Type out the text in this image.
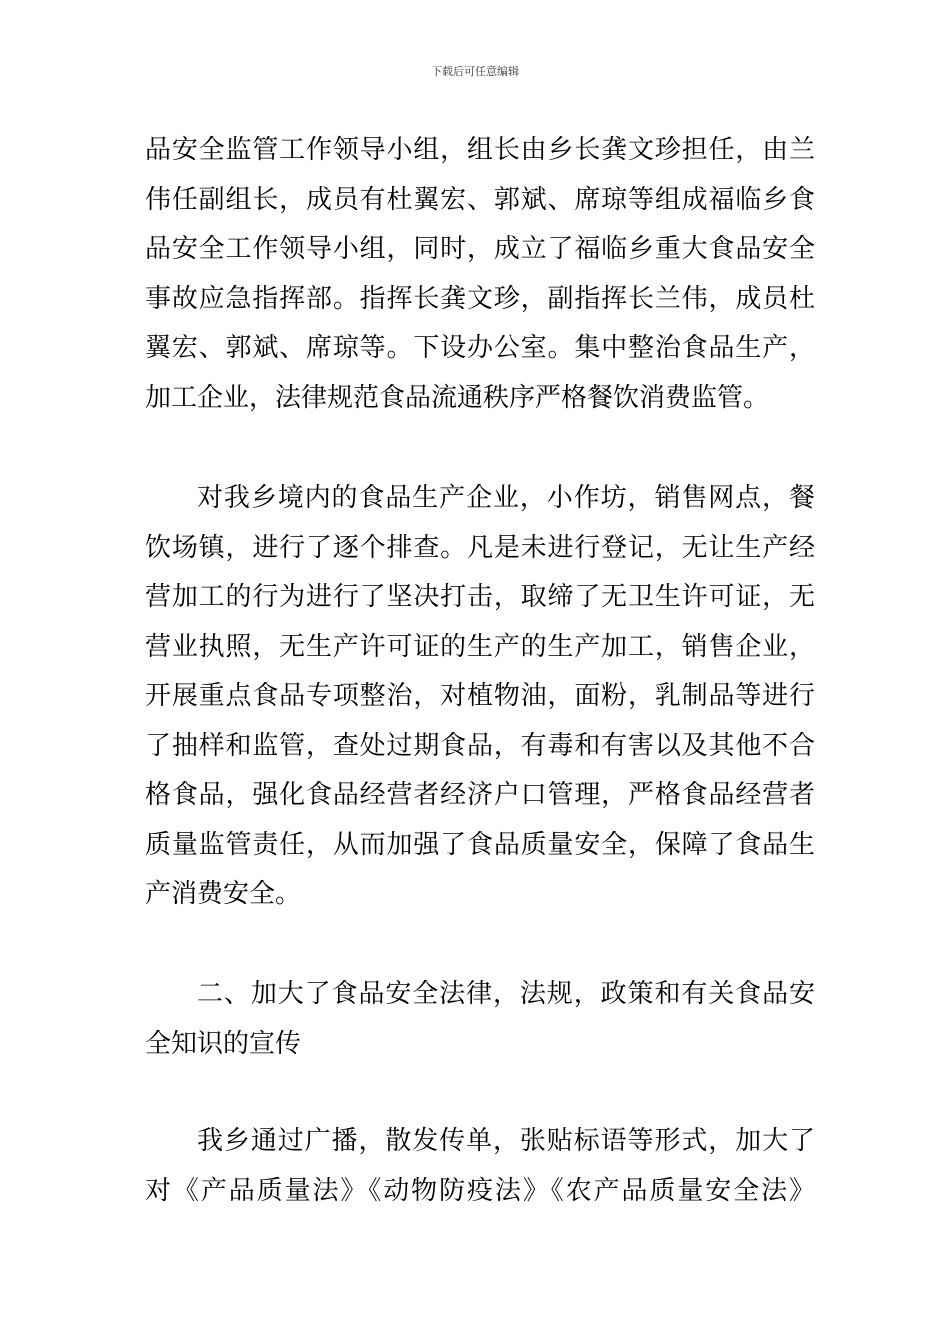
下载后可任意编辑
品安全监管工作领导小组，组长由乡长龚文珍担任，由兰
伟任副组长，成员有杜翼宏、郭斌、席琼等组成福临乡食
品安全工作领导小组，同时，成立了福临乡重大食品安全
事故应急指挥部。指挥长龚文珍，副指挥长兰伟，成员杜
翼宏、郭斌、席琼等。下设办公室。集中整治食品生产，
加工企业，法律规范食品流通秩序严格餐饮消费监管。
对我乡境内的食品生产企业，小作坊，销售网点，餐
饮场镇，进行了逐个排查。凡是未进行登记，无让生产经
营加工的行为进行了坚决打击，取缔了无卫生许可证，无
营业执照，无生产许可证的生产的生产加工，销售企业，
开展重点食品专项整治，对植物油，面粉，乳制品等进行
了抽样和监管，查处过期食品，有毒和有害以及其他不合
格食品，强化食品经营者经济户口管理，严格食品经营者
质量监管责任，从而加强了食品质量安全，保障了食品生
产消费安全。
二、加大了食品安全法律，法规，政策和有关食品安
全知识的宣传
我乡通过广播，散发传单，张贴标语等形式，加大了
对《产品质量法》《动物防疫法》《农产品质量安全法》
